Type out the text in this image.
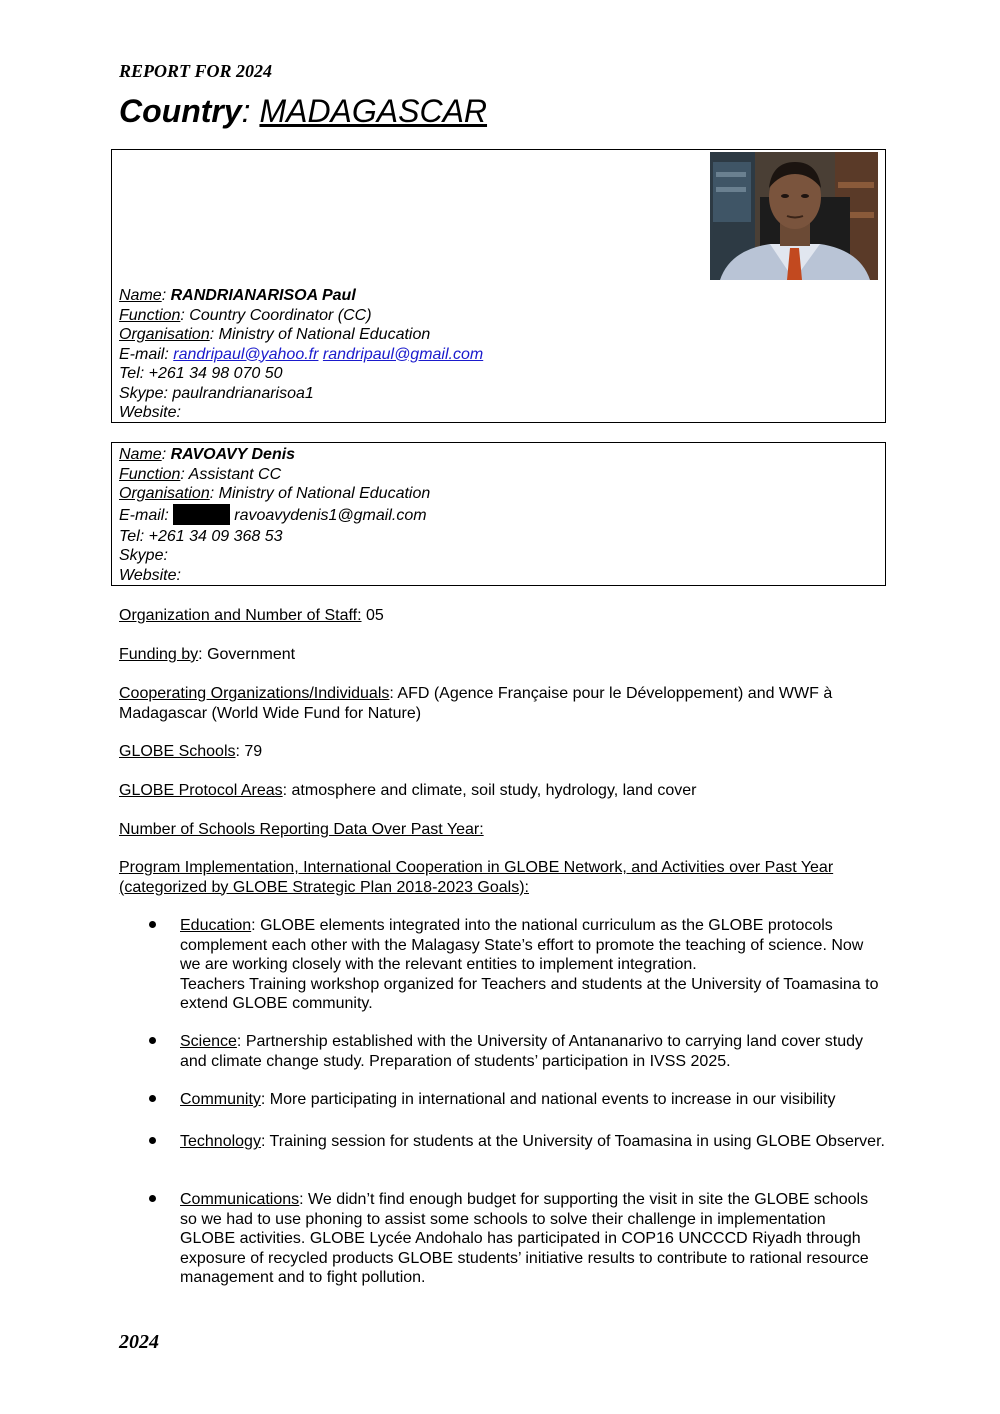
REPORT FOR 2024
Country: MADAGASCAR
Name: RANDRIANARISOA Paul
Function: Country Coordinator (CC)
Organisation: Ministry of National Education
E-mail: randripaul@yahoo.fr randripaul@gmail.com
Tel: +261 34 98 070 50
Skype: paulrandrianarisoa1
Website:
Name: RAVOAVY Denis
Function: Assistant CC
Organisation: Ministry of National Education
E-mail:	ravoavydenis1@gmail.com
Tel: +261 34 09 368 53
Skype:
Website:
Organization and Number of Staff: 05
Funding by: Government
Cooperating Organizations/Individuals: AFD (Agence Française pour le Développement) and WWF à Madagascar (World Wide Fund for Nature)
GLOBE Schools: 79
GLOBE Protocol Areas: atmosphere and climate, soil study, hydrology, land cover
Number of Schools Reporting Data Over Past Year:
Program Implementation, International Cooperation in GLOBE Network, and Activities over Past Year (categorized by GLOBE Strategic Plan 2018-2023 Goals):
Education: GLOBE elements integrated into the national curriculum as the GLOBE protocols complement each other with the Malagasy State’s effort to promote the teaching of science. Now we are working closely with the relevant entities to implement integration.
Teachers Training workshop organized for Teachers and students at the University of Toamasina to extend GLOBE community.
Science: Partnership established with the University of Antananarivo to carrying land cover study and climate change study. Preparation of students’ participation in IVSS 2025.
Community: More participating in international and national events to increase in our visibility
Technology: Training session for students at the University of Toamasina in using GLOBE Observer.
Communications: We didn’t find enough budget for supporting the visit in site the GLOBE schools so we had to use phoning to assist some schools to solve their challenge in implementation GLOBE activities. GLOBE Lycée Andohalo has participated in COP16 UNCCCD Riyadh through exposure of recycled products GLOBE students’ initiative results to contribute to rational resource management and to fight pollution.
2024
